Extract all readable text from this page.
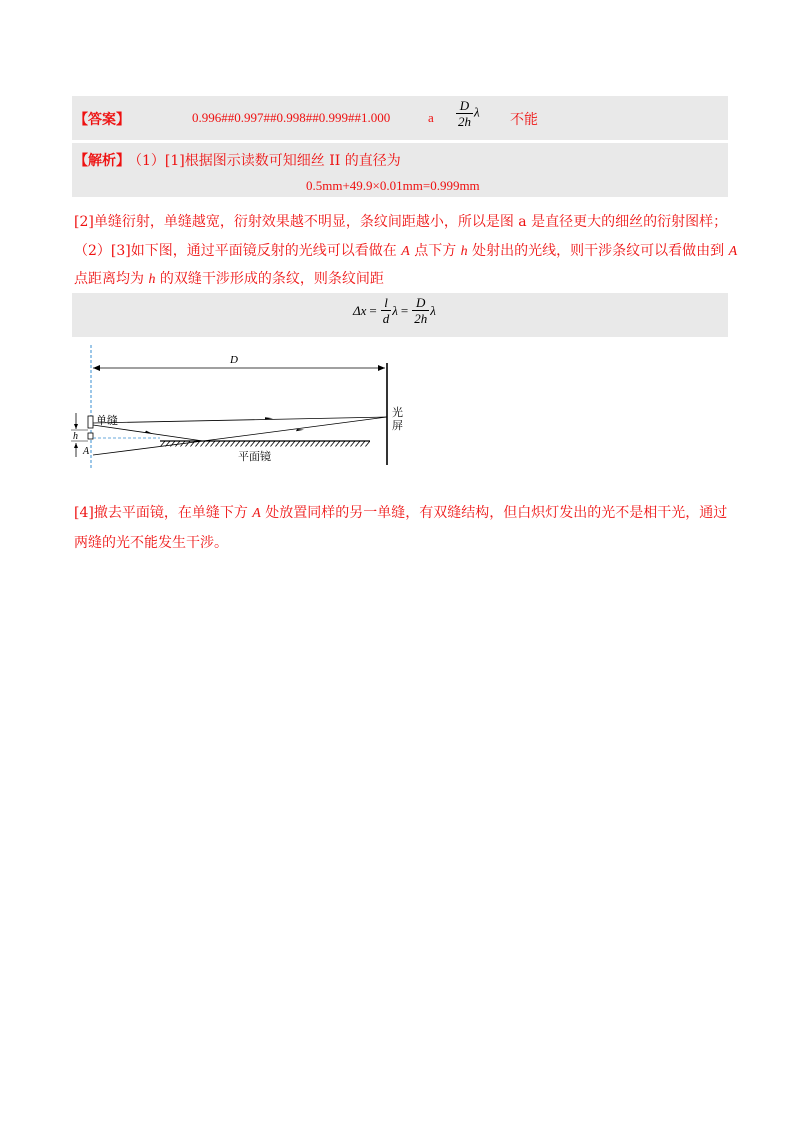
【答案】	0.996##0.997##0.998##0.999##1.000	a $\frac{D}{2h}$ λ
不能
【解析】
（1）[1]根据图示读数可知细丝 II 的直径为
0.5mm+49.9×0.01mm=0.999mm
[2]单缝衍射，单缝越宽，衍射效果越不明显，条纹间距越小，所以是图 a 是直径更大的细丝的衍射图样；
（2）[3]如下图，通过平面镜反射的光线可以看做在 A 点下方 h 处射出的光线，则干涉条纹可以看做由到 A
点距离均为 h 的双缝干涉形成的条纹，则条纹间距
$\Delta x = \frac{l}{d}$ $\lambda = \frac{D}{2h}$ λ
D
光
屏
单缝
h
A	平面镜
[4]撤去平面镜，在单缝下方 A 处放置同样的另一单缝，有双缝结构，但白炽灯发出的光不是相干光，通过
两缝的光不能发生干涉。
